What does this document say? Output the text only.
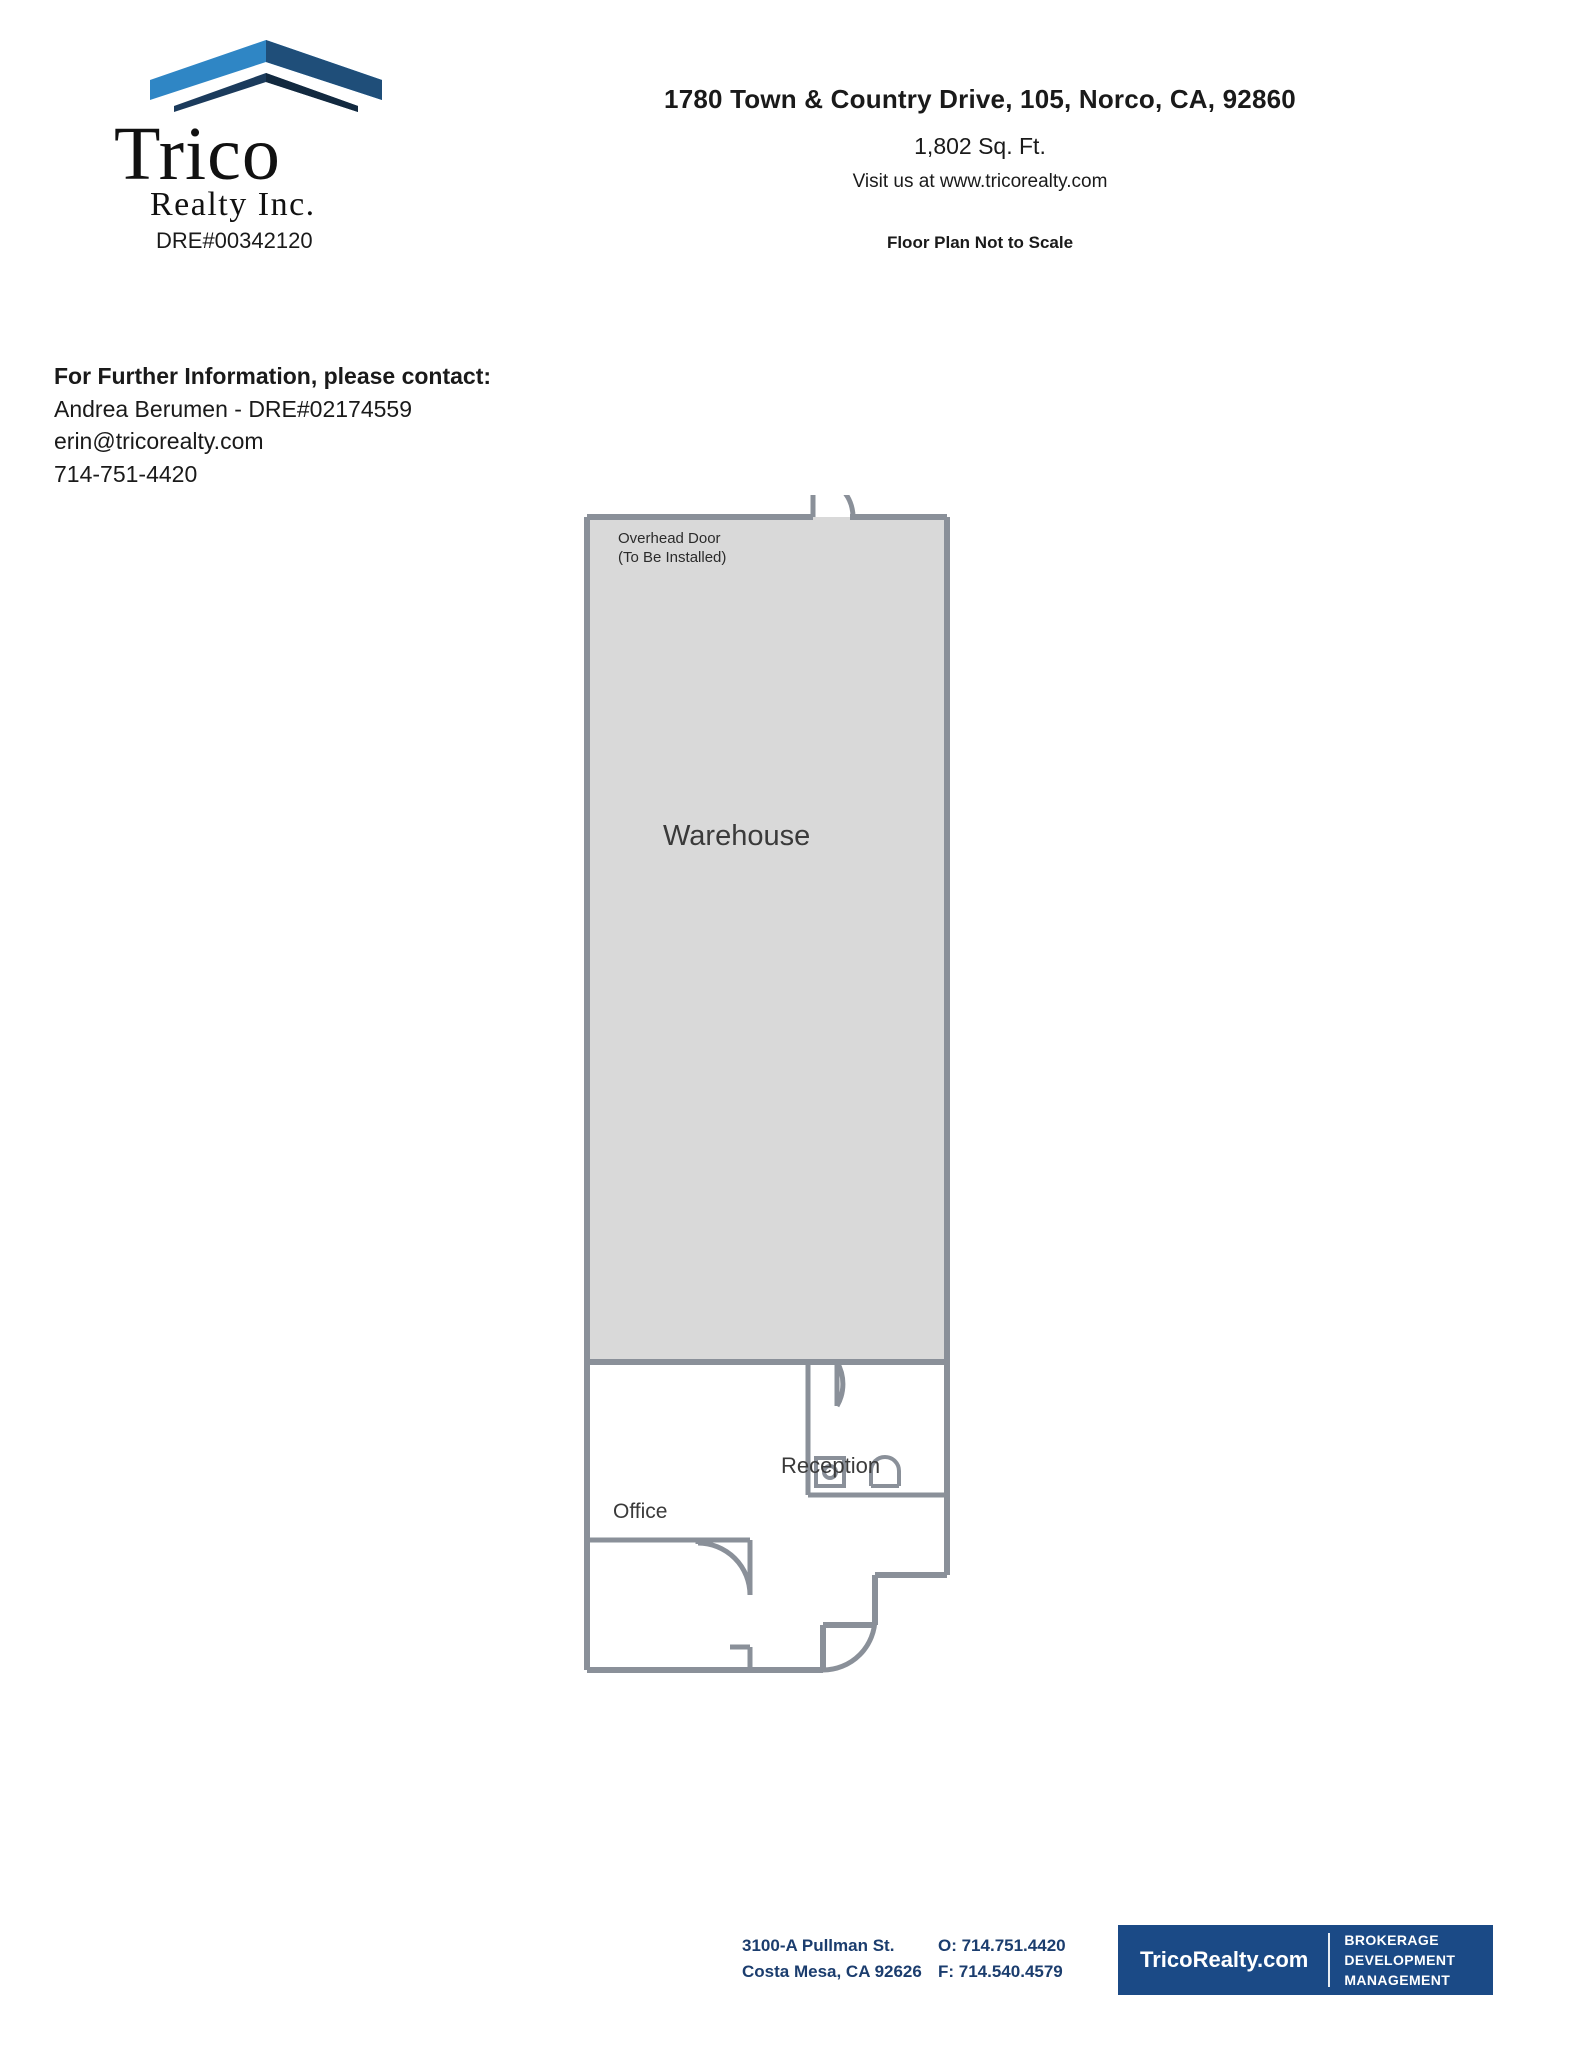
Trico
Realty Inc.
DRE#00342120
1780 Town & Country Drive, 105, Norco, CA, 92860
1,802 Sq. Ft.
Visit us at www.tricorealty.com
Floor Plan Not to Scale
For Further Information, please contact:
Andrea Berumen - DRE#02174559
erin@tricorealty.com
714-751-4420
Warehouse
Overhead Door
(To Be Installed)
Reception
Office
3100-A Pullman St.
Costa Mesa, CA 92626
O: 714.751.4420
F: 714.540.4579	TricoRealty.com
BROKERAGE
DEVELOPMENT
MANAGEMENT
